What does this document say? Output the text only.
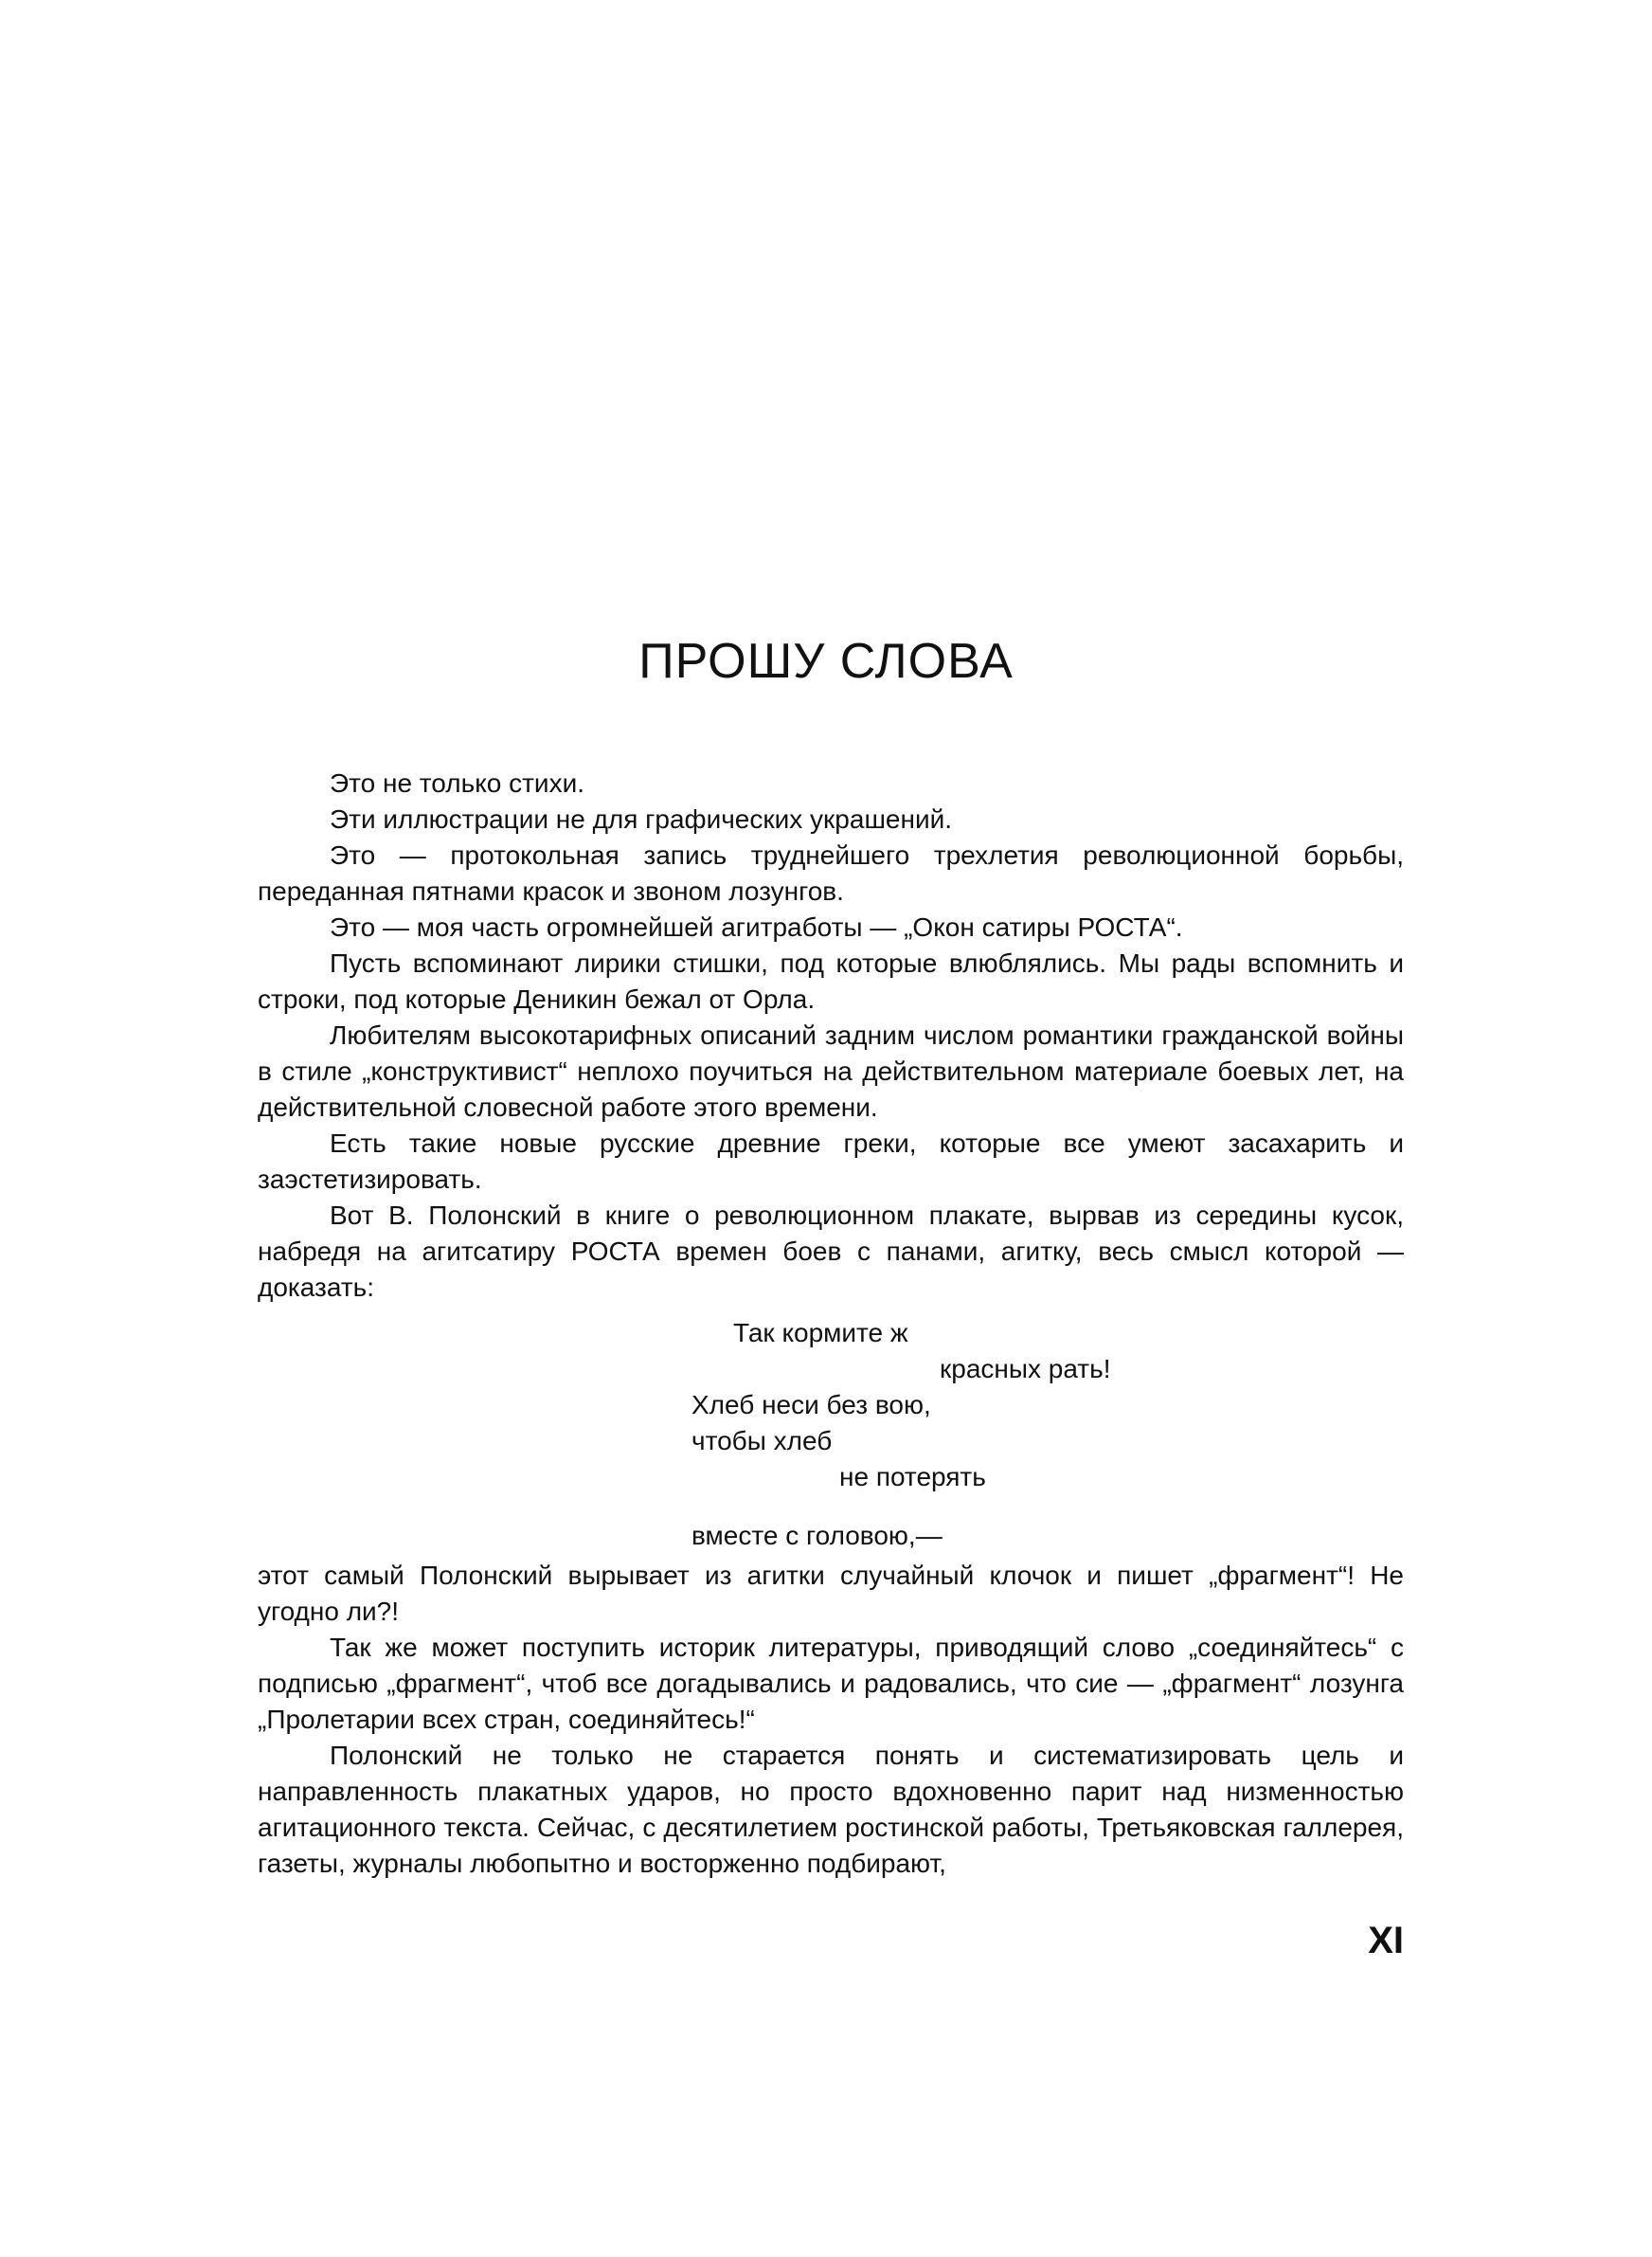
ПРОШУ СЛОВА

Это не только стихи.

Эти иллюстрации не для графических украшений.

Это — протокольная запись труднейшего трехлетия революционной борьбы, переданная пятнами красок и звоном лозунгов.

Это — моя часть огромнейшей агитработы — „Окон сатиры РОСТА“.

Пусть вспоминают лирики стишки, под которые влюблялись. Мы рады вспомнить и строки, под которые Деникин бежал от Орла.

Любителям высокотарифных описаний задним числом романтики гражданской войны в стиле „конструктивист“ неплохо поучиться на действительном материале боевых лет, на действительной словесной работе этого времени.

Есть такие новые русские древние греки, которые все умеют засахарить и заэстетизировать.

Вот В. Полонский в книге о революционном плакате, вырвав из середины кусок, набредя на агитсатиру РОСТА времен боев с панами, агитку, весь смысл которой — доказать:

Так кормите ж

красных рать!

Хлеб неси без вою,

чтобы хлеб

не потерять

вместе с головою,—

этот самый Полонский вырывает из агитки случайный клочок и пишет „фрагмент“! Не угодно ли?!

Так же может поступить историк литературы, приводящий слово „соединяйтесь“ с подписью „фрагмент“, чтоб все догадывались и радовались, что сие — „фрагмент“ лозунга „Пролетарии всех стран, соединяйтесь!“

Полонский не только не старается понять и систематизировать цель и направленность плакатных ударов, но просто вдохновенно парит над низменностью агитационного текста. Сейчас, с десятилетием ростинской работы, Третьяковская галлерея, газеты, журналы любопытно и восторженно подбирают,

XI
